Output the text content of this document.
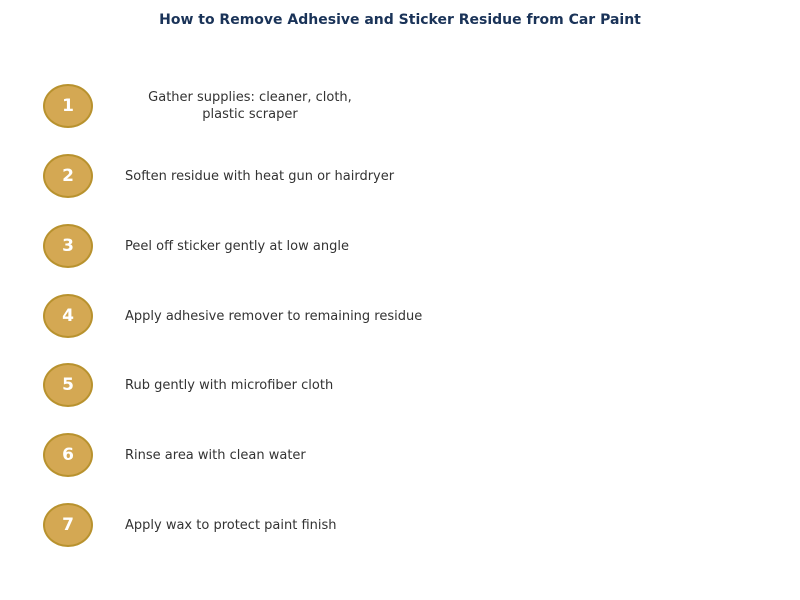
How to Remove Adhesive and Sticker Residue from Car Paint
1	Gather supplies: cleaner, cloth, plastic scraper
2	Soften residue with heat gun or hairdryer
3	Peel off sticker gently at low angle
4	Apply adhesive remover to remaining residue
5	Rub gently with microfiber cloth
6	Rinse area with clean water
7	Apply wax to protect paint finish
